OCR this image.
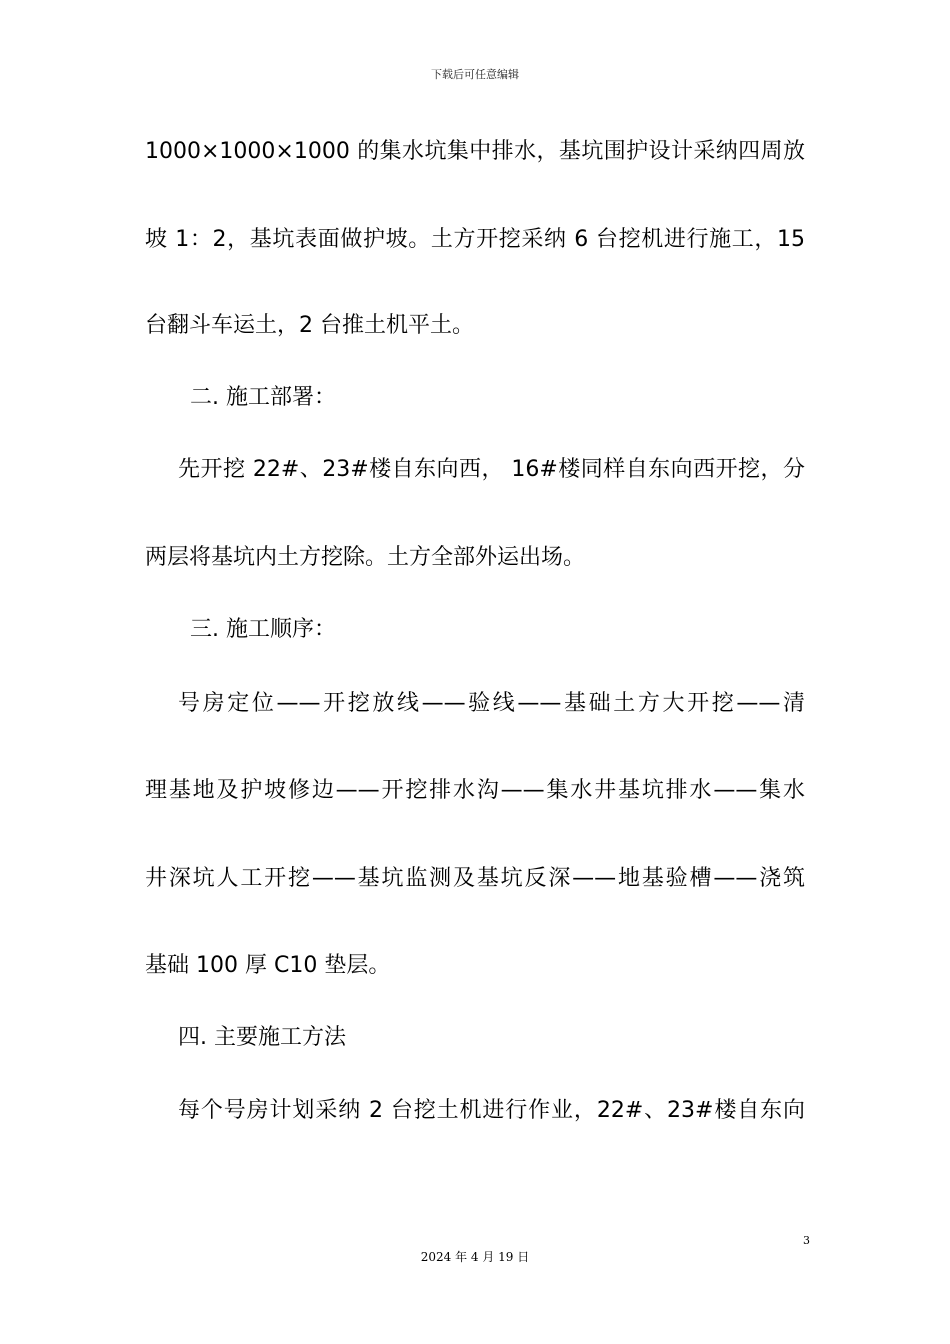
下载后可任意编辑
1000×1000×1000 的集水坑集中排水，基坑围护设计采纳四周放
坡 1：2，基坑表面做护坡。土方开挖采纳 6 台挖机进行施工，15
台翻斗车运土，2 台推土机平土。
二. 施工部署：
先开挖 22#、23#楼自东向西， 16#楼同样自东向西开挖，分
两层将基坑内土方挖除。土方全部外运出场。
三. 施工顺序：
号房定位——开挖放线——验线——基础土方大开挖——清
理基地及护坡修边——开挖排水沟——集水井基坑排水——集水
井深坑人工开挖——基坑监测及基坑反深——地基验槽——浇筑
基础 100 厚 C10 垫层。
四. 主要施工方法
每个号房计划采纳 2 台挖土机进行作业，22#、23#楼自东向
3
2024 年 4 月 19 日
